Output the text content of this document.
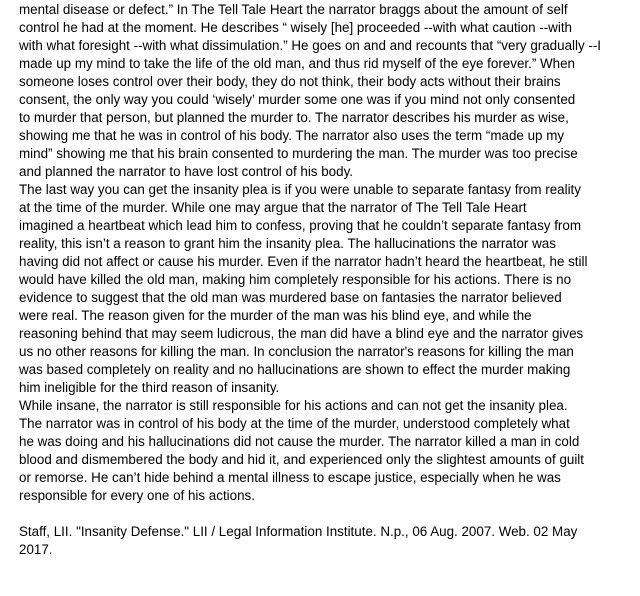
mental disease or defect.” In The Tell Tale Heart the narrator braggs about the amount of self
control he had at the moment. He describes “ wisely [he] proceeded --with what caution --with
with what foresight --with what dissimulation.” He goes on and and recounts that “very gradually --I
made up my mind to take the life of the old man, and thus rid myself of the eye forever.” When
someone loses control over their body, they do not think, their body acts without their brains
consent, the only way you could ‘wisely’ murder some one was if you mind not only consented
to murder that person, but planned the murder to. The narrator describes his murder as wise,
showing me that he was in control of his body. The narrator also uses the term “made up my
mind” showing me that his brain consented to murdering the man. The murder was too precise
and planned the narrator to have lost control of his body.
The last way you can get the insanity plea is if you were unable to separate fantasy from reality
at the time of the murder. While one may argue that the narrator of The Tell Tale Heart
imagined a heartbeat which lead him to confess, proving that he couldn’t separate fantasy from
reality, this isn’t a reason to grant him the insanity plea. The hallucinations the narrator was
having did not affect or cause his murder. Even if the narrator hadn’t heard the heartbeat, he still
would have killed the old man, making him completely responsible for his actions. There is no
evidence to suggest that the old man was murdered base on fantasies the narrator believed
were real. The reason given for the murder of the man was his blind eye, and while the
reasoning behind that may seem ludicrous, the man did have a blind eye and the narrator gives
us no other reasons for killing the man. In conclusion the narrator's reasons for killing the man
was based completely on reality and no hallucinations are shown to effect the murder making
him ineligible for the third reason of insanity.
While insane, the narrator is still responsible for his actions and can not get the insanity plea.
The narrator was in control of his body at the time of the murder, understood completely what
he was doing and his hallucinations did not cause the murder. The narrator killed a man in cold
blood and dismembered the body and hid it, and experienced only the slightest amounts of guilt
or remorse. He can’t hide behind a mental illness to escape justice, especially when he was
responsible for every one of his actions.
Staff, LII. "Insanity Defense." LII / Legal Information Institute. N.p., 06 Aug. 2007. Web. 02 May
2017.
